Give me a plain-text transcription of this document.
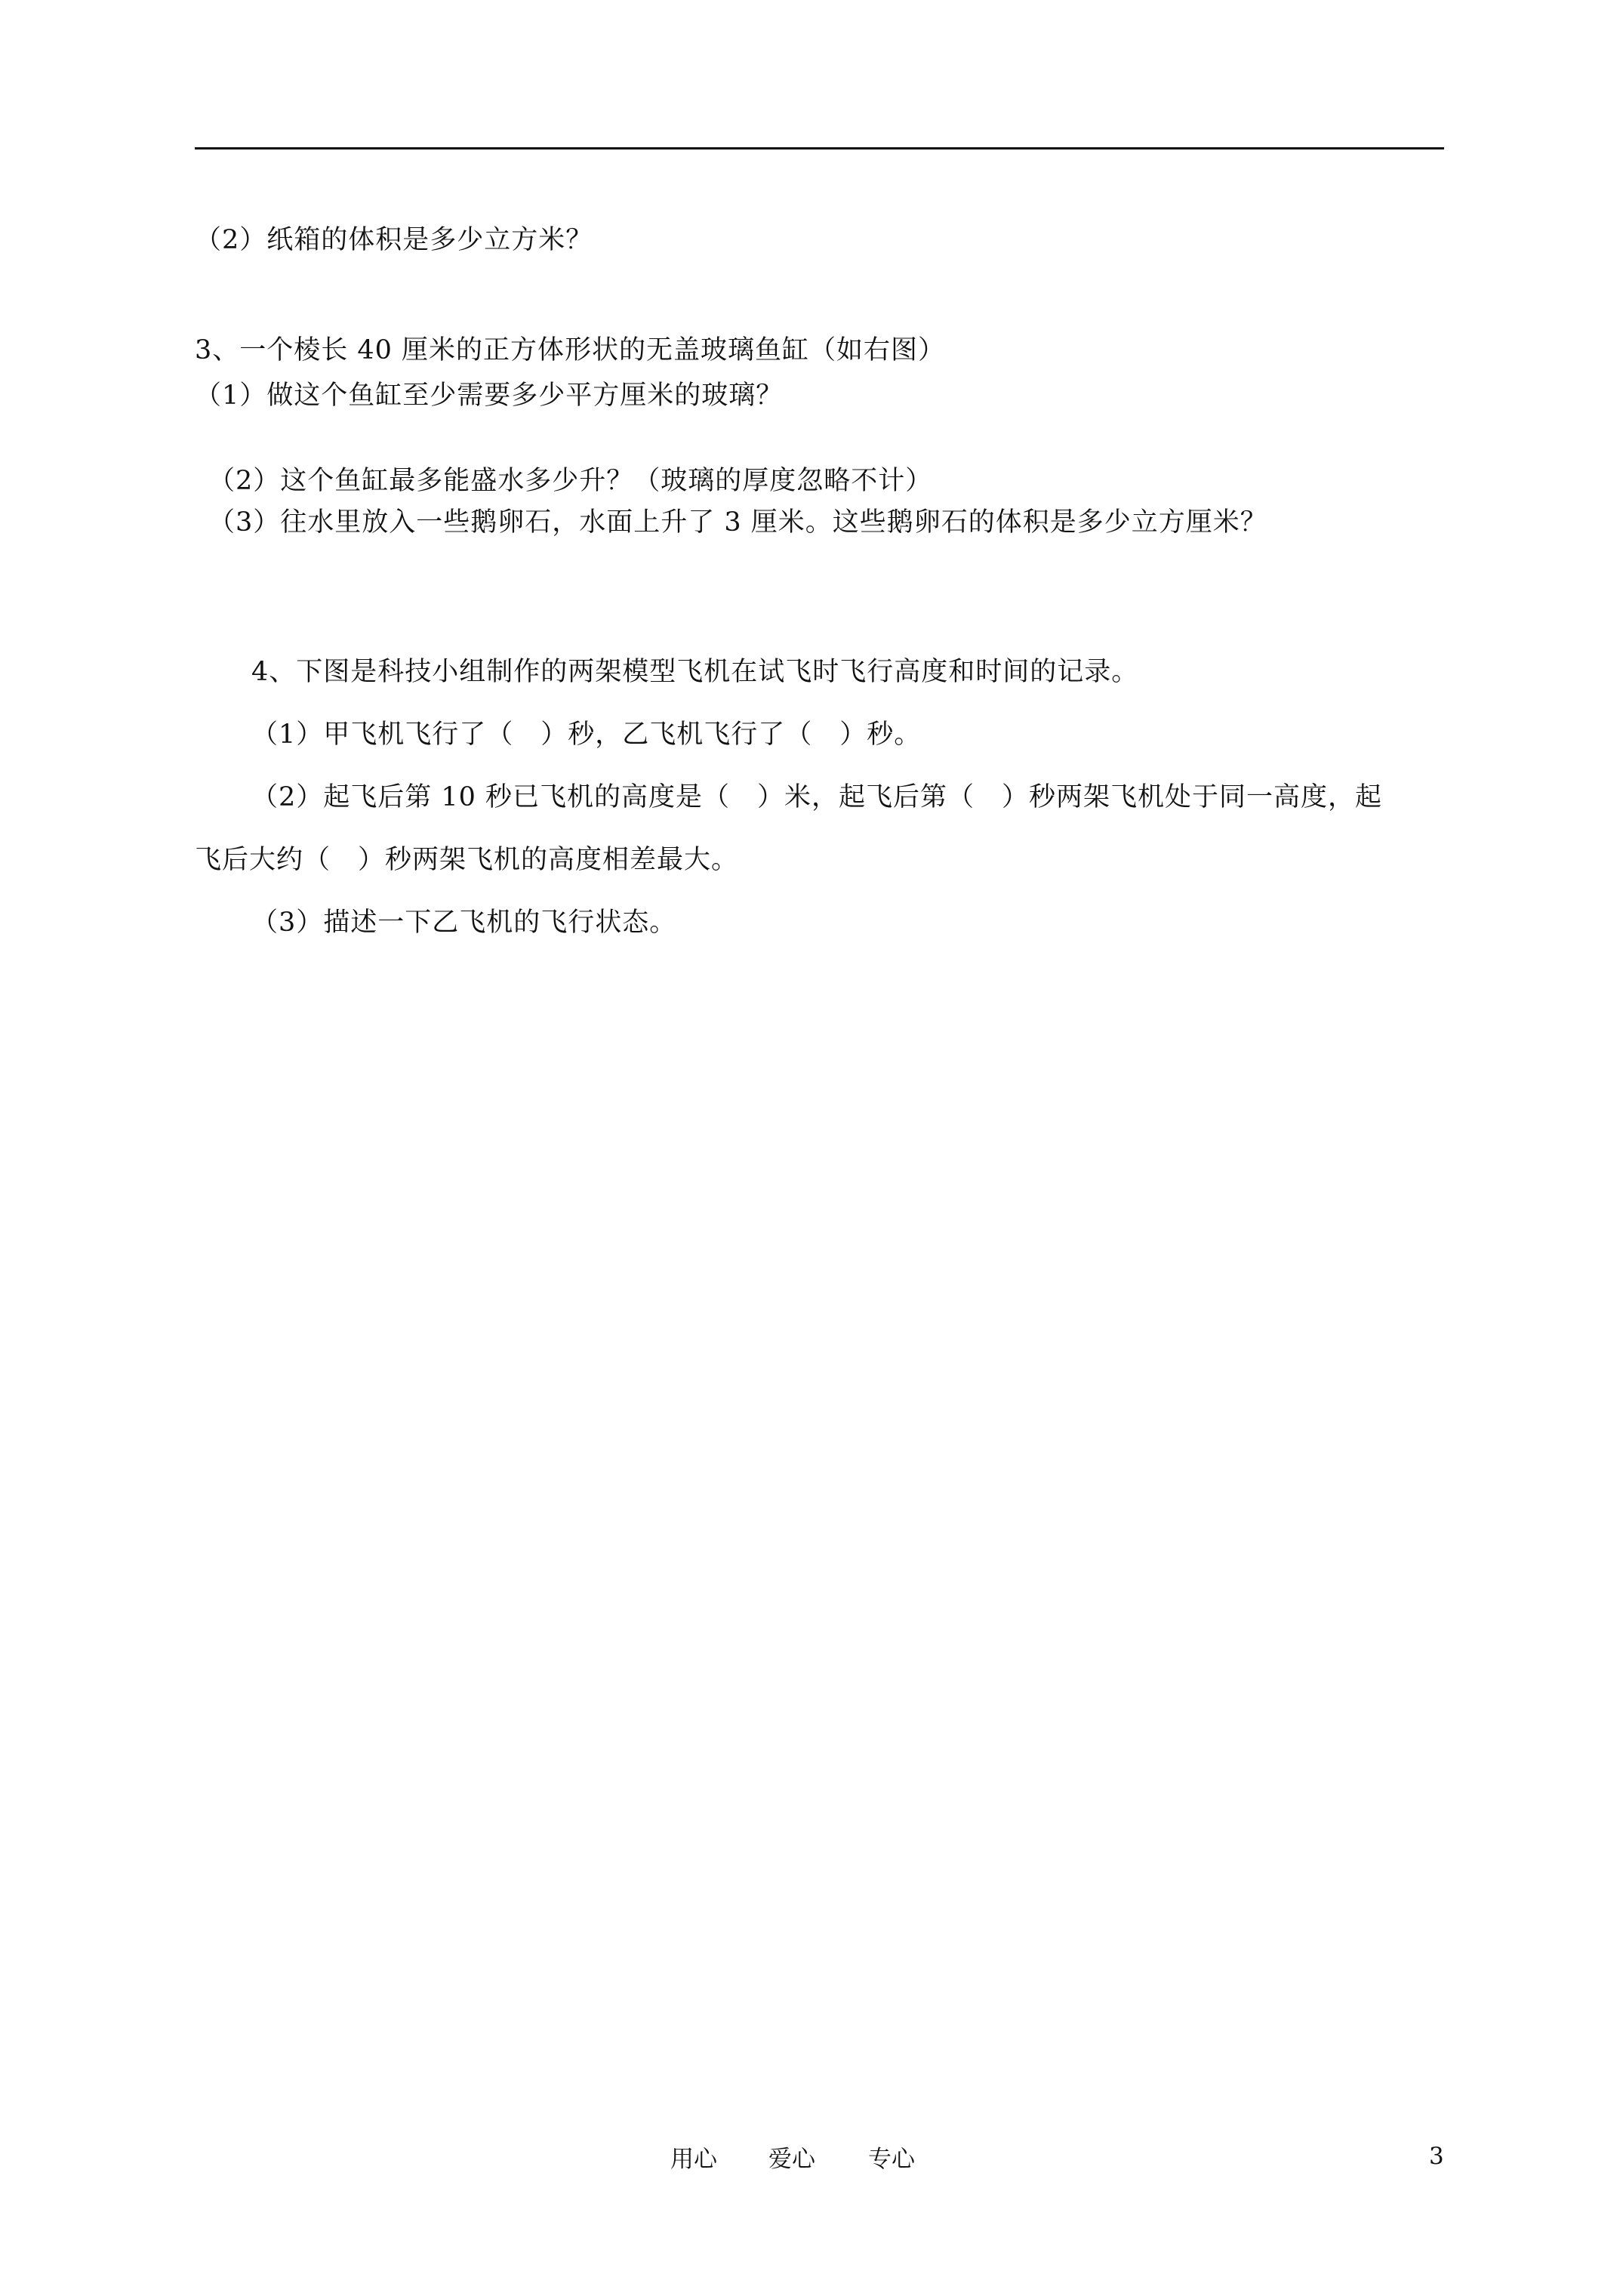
（2）纸箱的体积是多少立方米？
3、一个棱长 40 厘米的正方体形状的无盖玻璃鱼缸（如右图）
（1）做这个鱼缸至少需要多少平方厘米的玻璃？
（2）这个鱼缸最多能盛水多少升？（玻璃的厚度忽略不计）
（3）往水里放入一些鹅卵石，水面上升了 3 厘米。这些鹅卵石的体积是多少立方厘米？
4、下图是科技小组制作的两架模型飞机在试飞时飞行高度和时间的记录。
（1）甲飞机飞行了（　）秒，乙飞机飞行了（　）秒。
（2）起飞后第 10 秒已飞机的高度是（　）米，起飞后第（　）秒两架飞机处于同一高度，起
飞后大约（　）秒两架飞机的高度相差最大。
（3）描述一下乙飞机的飞行状态。
用心 爱心 专心	3
